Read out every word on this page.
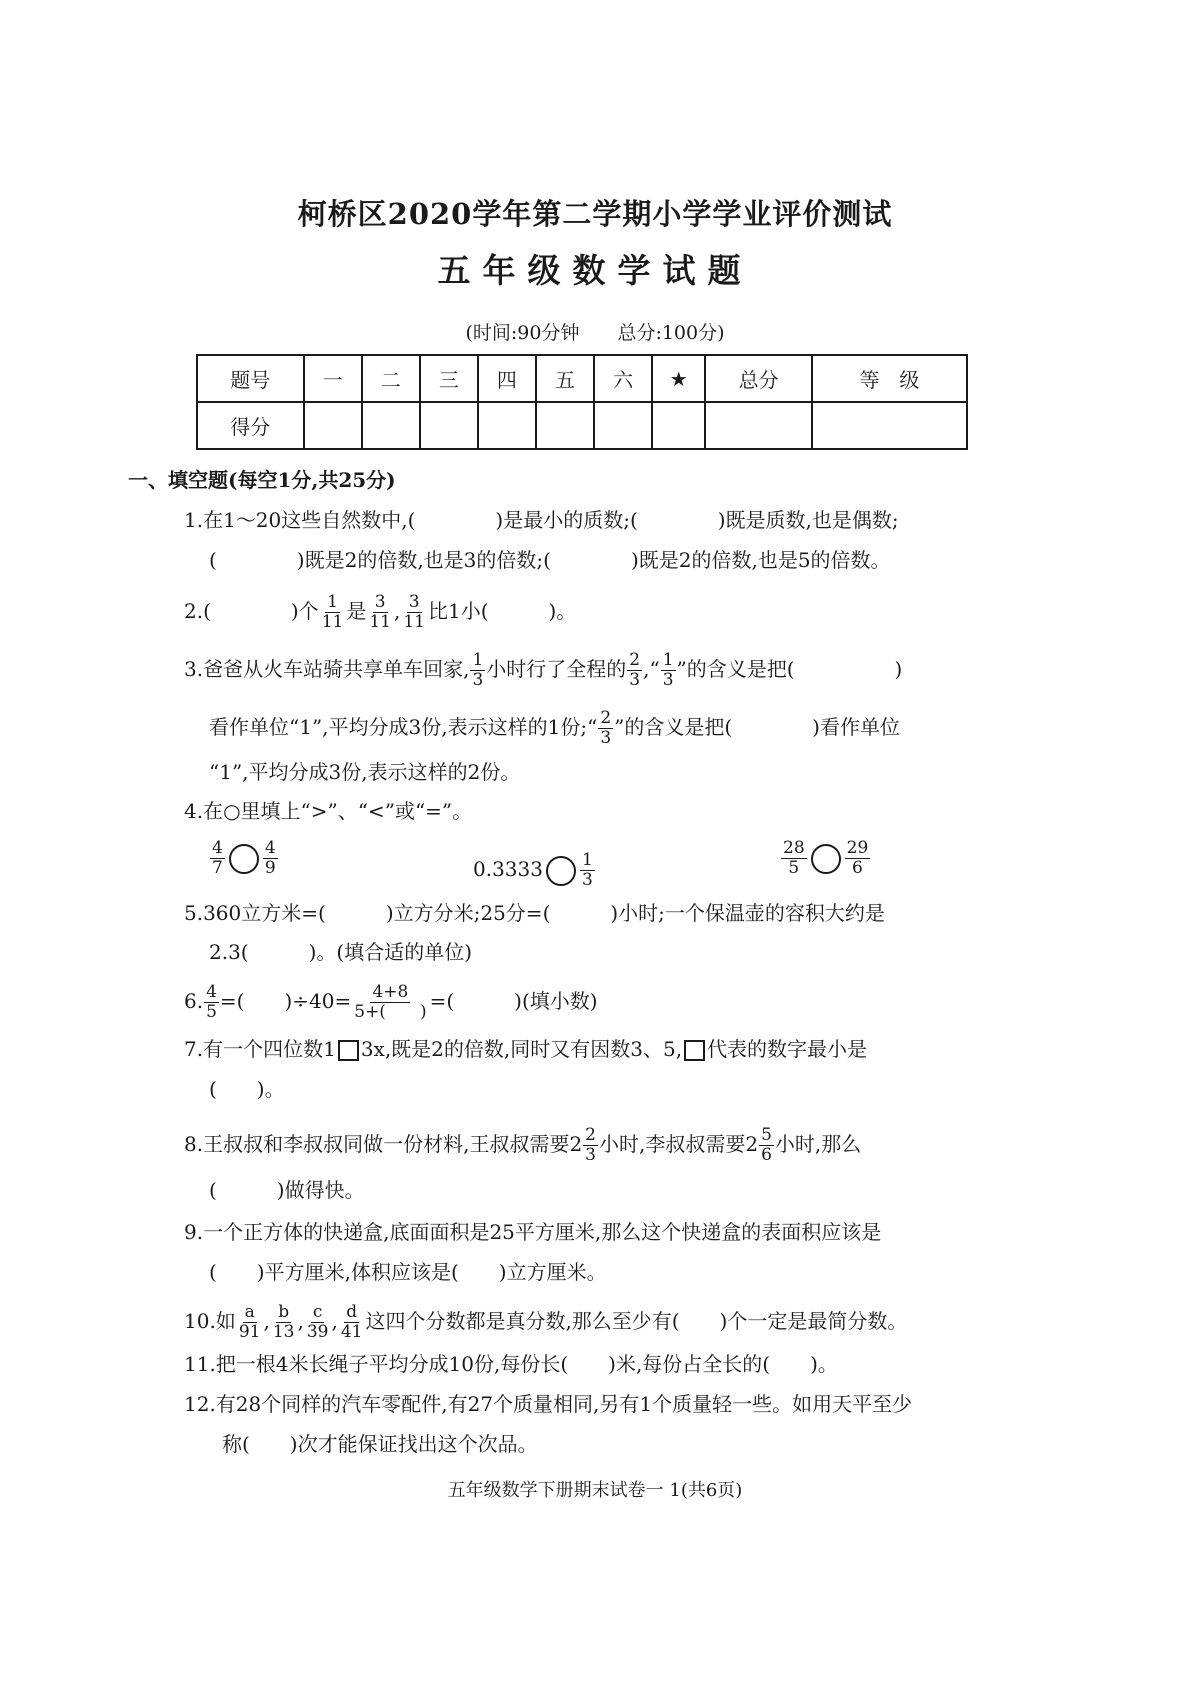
柯桥区2020学年第二学期小学学业评价测试
五年级数学试题
(时间:90分钟　　总分:100分)
题号	一	二	三	四	五	六	★	总分	等　级
得分									
一、填空题(每空1分,共25分)
1.在1～20这些自然数中,(　　　　)是最小的质数;(　　　　)既是质数,也是偶数;
(　　　　)既是2的倍数,也是3的倍数;(　　　　)既是2的倍数,也是5的倍数。
2.(　　　　)个 $\frac{1}{11}$ 是 $\frac{3}{11}$ , $\frac{3}{11}$ 比1小(　　　)。
3.爸爸从火车站骑共享单车回家, $\frac{1}{3}$ 小时行了全程的 $\frac{2}{3}$ ,“ $\frac{1}{3}$ ”的含义是把(　　　　　)
看作单位“1”,平均分成3份,表示这样的1份;“ $\frac{2}{3}$ ”的含义是把(　　　　)看作单位
“1”,平均分成3份,表示这样的2份。
4.在○里填上“>”、“<”或“=”。
$\frac{4}{7} \frac{4}{9}$	$0.3333 \frac{1}{3}$	$\frac{28}{5} \frac{29}{6}$
5.360立方米=(　　　)立方分米;25分=(　　　)小时;一个保温壶的容积大约是
2.3(　　　)。(填合适的单位)
6. $\frac{4}{5}$ =(　　)$\div 40= \frac{4+8}{5+( )}$ =(　　　)(填小数)
7.有一个四位数1 3x,既是2的倍数,同时又有因数3、5, 代表的数字最小是
(　　)。
8.王叔叔和李叔叔同做一份材料,王叔叔需要$2 \frac{2}{3}$ 小时,李叔叔需要$2 \frac{5}{6}$ 小时,那么
(　　　)做得快。
9.一个正方体的快递盒,底面面积是25平方厘米,那么这个快递盒的表面积应该是
(　　)平方厘米,体积应该是(　　)立方厘米。
10.如 $\frac{a}{91}$ , $\frac{b}{13}$ , $\frac{c}{39}$ , $\frac{d}{41}$ 这四个分数都是真分数,那么至少有(　　)个一定是最简分数。
11.把一根4米长绳子平均分成10份,每份长(　　)米,每份占全长的(　　)。
12.有28个同样的汽车零配件,有27个质量相同,另有1个质量轻一些。如用天平至少
称(　　)次才能保证找出这个次品。
五年级数学下册期末试卷一 1(共6页)
